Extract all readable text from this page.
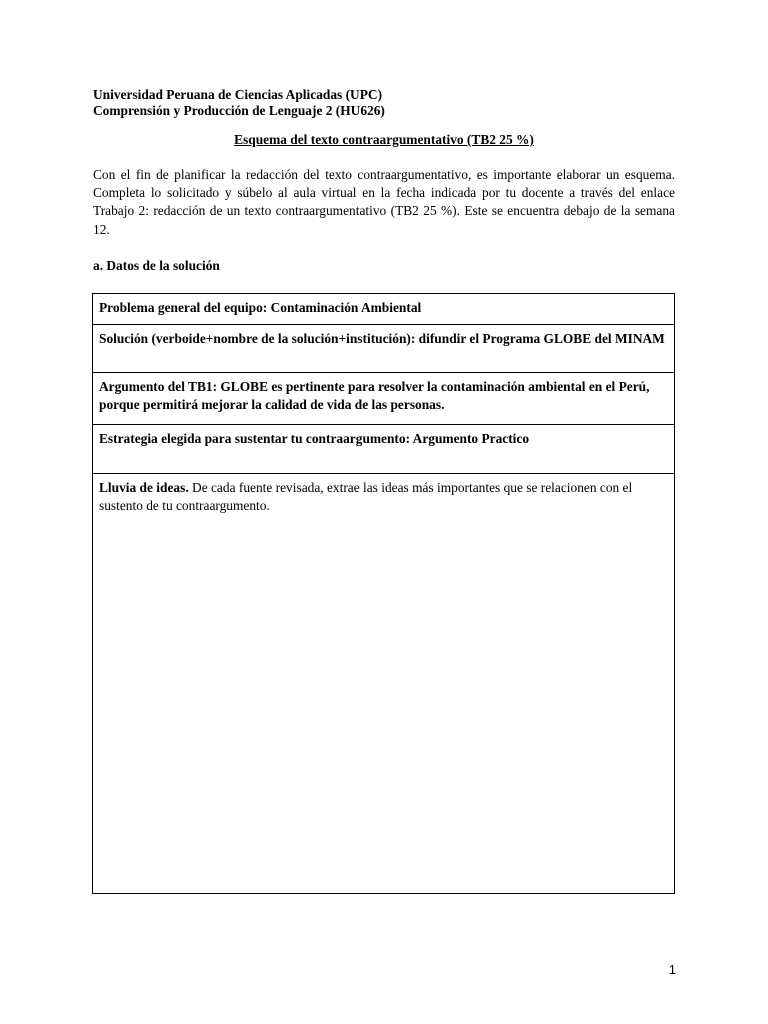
Universidad Peruana de Ciencias Aplicadas (UPC)
Comprensión y Producción de Lenguaje 2 (HU626)
Esquema del texto contraargumentativo (TB2 25 %)
Con el fin de planificar la redacción del texto contraargumentativo, es importante elaborar un esquema. Completa lo solicitado y súbelo al aula virtual en la fecha indicada por tu docente a través del enlace Trabajo 2: redacción de un texto contraargumentativo (TB2 25 %). Este se encuentra debajo de la semana 12.
a. Datos de la solución
Problema general del equipo: Contaminación Ambiental
Solución (verboide+nombre de la solución+institución): difundir el Programa GLOBE del MINAM
Argumento del TB1: GLOBE es pertinente para resolver la contaminación ambiental en el Perú, porque permitirá mejorar la calidad de vida de las personas.
Estrategia elegida para sustentar tu contraargumento: Argumento Practico
Lluvia de ideas. De cada fuente revisada, extrae las ideas más importantes que se relacionen con el sustento de tu contraargumento.
1
